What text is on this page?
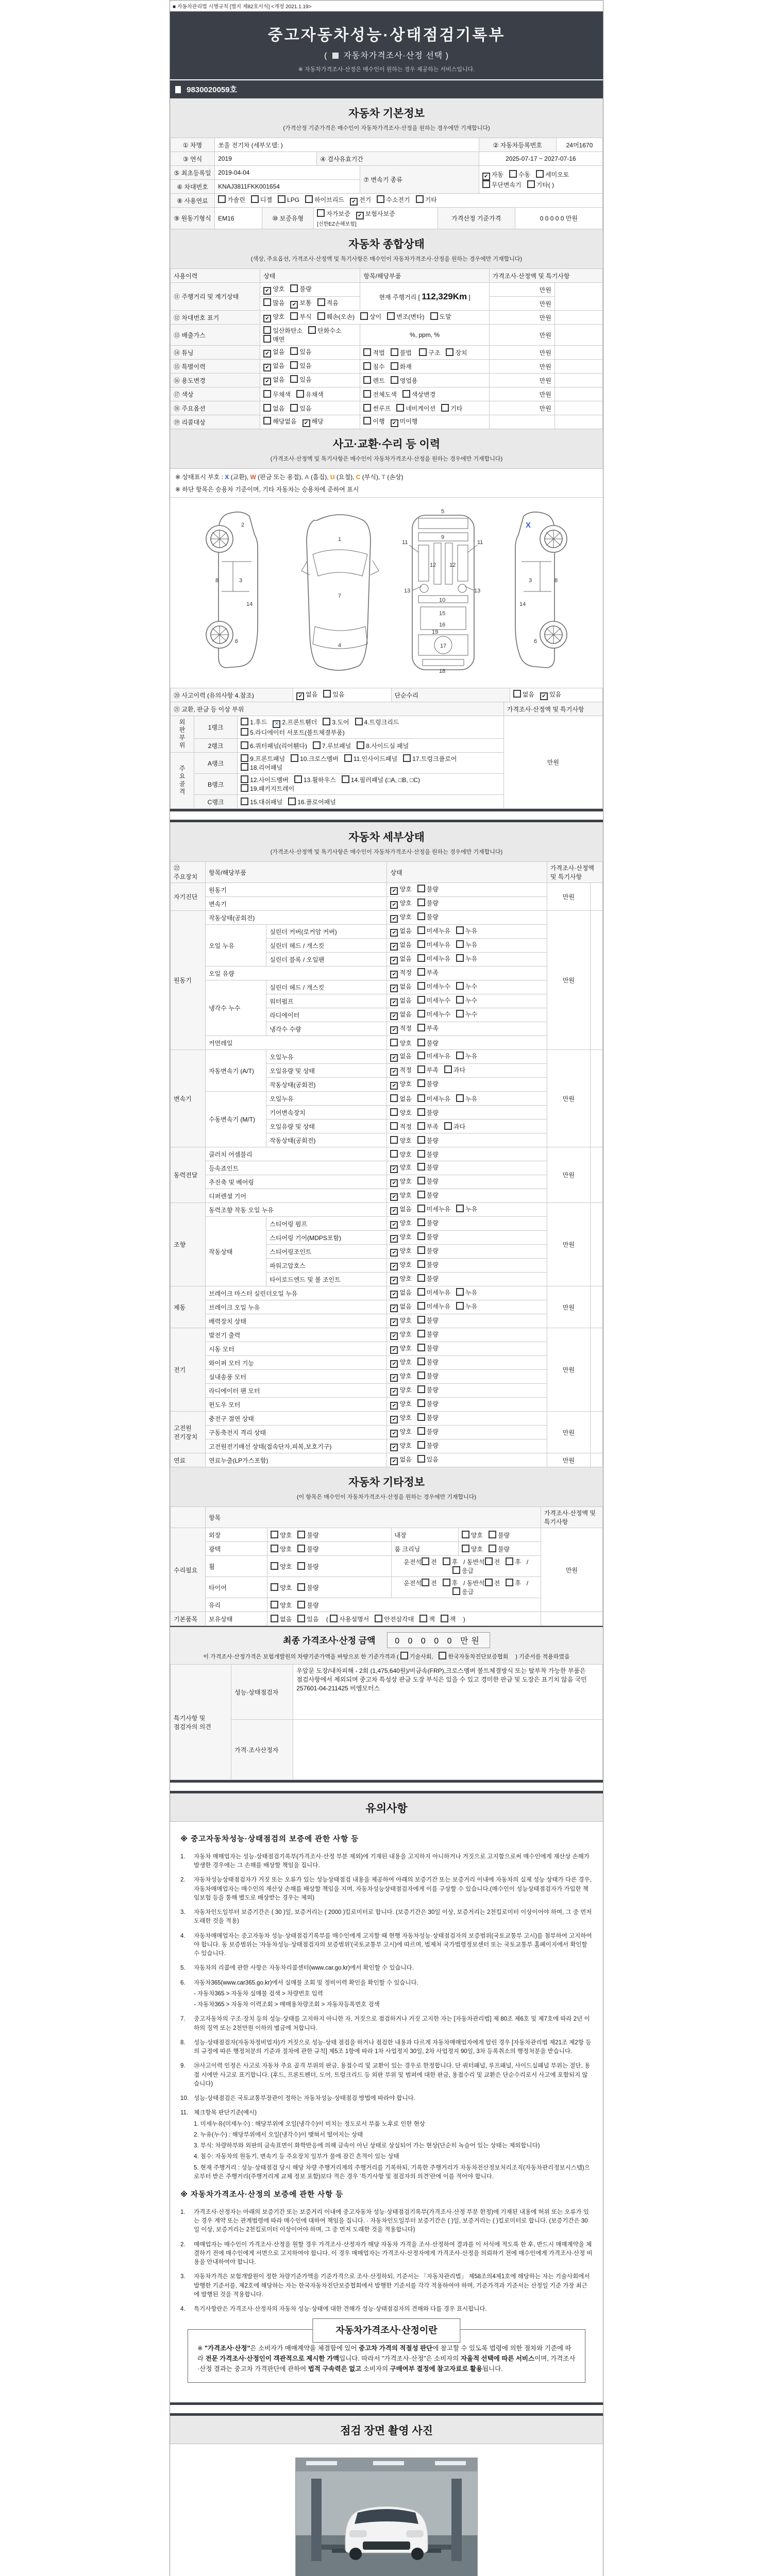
■ 자동차관리법 시행규칙 [별지 제82호서식] <개정 2021.1.19>
중고자동차성능·상태점검기록부
( 자동차가격조사·산정 선택 )
※ 자동차가격조사·산정은 매수인이 원하는 경우 제공하는 서비스입니다.
9830020059호
자동차 기본정보
(가격산정 기준가격은 매수인이 자동차가격조사·산정을 원하는 경우에만 기재합니다)
① 차명	쏘울 전기차 (세부모델: )	② 자동차등록번호	24머1670
③ 연식	2019	④ 검사유효기간	2025-07-17 ~ 2027-07-16
⑤ 최초등록일	2019-04-04	⑦ 변속기 종류	✔ 자동 수동 세미오토
무단변속기 기타( )

⑥ 차대번호	KNAJ3811FKK001654		
⑧ 사용연료	가솔린 디젤 LPG 하이브리드 ✔ 전기 수소전기 기타
⑨ 원동기형식	EM16	⑩ 보증유형	자가보증 ✔ 보험사보증[신한EZ손해보험]	가격산정 기준가격	0 0 0 0 0 만원
자동차 종합상태
(색상, 주요옵션, 가격조사·산정액 및 특기사항은 매수인이 자동차가격조사·산정을 원하는 경우에만 기재합니다)
사용이력	상태	항목/해당부품	가격조사·산정액 및 특기사항	
⑪ 주행거리 및 계기상태	✔ 양호 불량	현재 주행거리 [ 112,329Km ]	만원	
	많음 ✔ 보통 적음		만원	
⑫ 차대번호 표기	✔ 양호 부식 훼손(오손) 상이 변조(변타) 도말		만원	
⑬ 배출가스	일산화탄소 탄화수소매연	%, ppm, %	만원	
⑭ 튜닝	✔ 없음 있음	적법 불법 구조 장치	만원	
⑮ 특별이력	✔ 없음 있음	침수 화재	만원	
⑯ 용도변경	✔ 없음 있음	렌트 영업용	만원	
⑰ 색상	무채색 유채색	전체도색 색상변경	만원	
⑱ 주요옵션	없음 있음	썬루프 네비게이션 기타	만원	
⑲ 리콜대상	해당없음 ✔ 해당	이행 ✔ 미이행		
사고·교환·수리 등 이력
(가격조사·산정액 및 특기사항은 매수인이 자동차가격조사·산정을 원하는 경우에만 기재합니다)
※ 상태표시 부호 : X (교환), W (판금 또는 용접), A (흠집), U (요철), C (부식), T (손상)
※ 하단 항목은 승용차 기준이며, 기타 자동차는 승용차에 준하여 표시
2
8	3
14
6
1
7
4
5
9
11	11
13	13
12 12
10
15
16
19
17
18
3	8
14
6
X
⑳ 사고이력 (유의사항 4.참조)	✔ 없음 있음	단순수리	없음 ✔ 있음
㉑ 교환, 판금 등 이상 부위			가격조사·산정액 및 특기사항
외판부위	1랭크	1.후드 ✕ 2.프론트휀더 3.도어 4.트렁크리드
5.라디에이터 서포트(볼트체결부품)	만원
	2랭크	6.쿼터패널(리어휀다) 7.루브패널 8.사이드실 패널	
주요골격	A랭크	9.프론트패널 10.크로스멤버 11.인사이드패널 17.트렁크플로어
18.리어패널	

	B랭크	12.사이드멤버 13.휠하우스 14.필러패널 (□A, □B, □C)
19.패키지트레이	

	C랭크	15.대쉬패널 16.플로어패널	
자동차 세부상태
(가격조사·산정액 및 특기사항은 매수인이 자동차가격조사·산정을 원하는 경우에만 기재합니다)
㉒ 주요장치	항목/해당부품		상태	가격조사·산정액 및 특기사항	
자기진단	원동기		✔ 양호 불량	만원	
	변속기		✔ 양호 불량		
원동기	작동상태(공회전)		✔ 양호 불량	만원	
	오일 누유	실린더 커버(로커암 커버)	✔ 없음 미세누유 누유		
		실린더 헤드 / 개스킷	✔ 없음 미세누유 누유		
		실린더 블록 / 오일팬	✔ 없음 미세누유 누유		
	오일 유량		✔ 적정 부족		
	냉각수 누수	실린더 헤드 / 개스킷	✔ 없음 미세누수 누수		
		워터펌프	✔ 없음 미세누수 누수		
		라디에이터	✔ 없음 미세누수 누수		
		냉각수 수량	✔ 적정 부족		
	커먼레일		양호 불량		
변속기	자동변속기 (A/T)	오일누유	✔ 없음 미세누유 누유	만원	
		오일유량 및 상태	✔ 적정 부족 과다		
		작동상태(공회전)	✔ 양호 불량		
	수동변속기 (M/T)	오일누유	없음 미세누유 누유		
		기어변속장치	양호 불량		
		오일유량 및 상태	적정 부족 과다		
		작동상태(공회전)	양호 불량		
동력전달	클러치 어셈블리		양호 불량	만원	
	등속죠인트		✔ 양호 불량		
	추진축 및 베어링		✔ 양호 불량		
	디퍼렌셜 기어		✔ 양호 불량		
조향	동력조향 작동 오일 누유		✔ 없음 미세누유 누유	만원	
	작동상태	스티어링 펌프	✔ 양호 불량		
		스티어링 기어(MDPS포함)	✔ 양호 불량		
		스티어링조인트	✔ 양호 불량		
		파워고압호스	✔ 양호 불량		
		타이로드엔드 및 볼 조인트	✔ 양호 불량		
제동	브레이크 마스터 실린더오일 누유		✔ 없음 미세누유 누유	만원	
	브레이크 오일 누유		✔ 없음 미세누유 누유		
	배력장치 상태		✔ 양호 불량		
전기	발전기 출력		✔ 양호 불량	만원	
	시동 모터		✔ 양호 불량		
	와이퍼 모터 기능		✔ 양호 불량		
	실내송풍 모터		✔ 양호 불량		
	라디에이터 팬 모터		✔ 양호 불량		
	윈도우 모터		✔ 양호 불량		
고전원 전기장치	충전구 절연 상태		✔ 양호 불량	만원	
	구동축전지 격리 상태		✔ 양호 불량		
	고전원전기배선 상태(접속단자,피복,보호기구)		✔ 양호 불량		
연료	연료누출(LP가스포함)		✔ 없음 있음	만원	
자동차 기타정보
(이 항목은 매수인이 자동차가격조사·산정을 원하는 경우에만 기재합니다)
	항목				가격조사·산정액 및 특기사항
수리필요	외장	양호 불량	내장	양호 불량	만원
	광택	양호 불량	룸 크리닝	양호 불량	
	휠	양호 불량	운전석 전 후 / 동반석 전 후 /응급		
	타이어	양호 불량	운전석 전 후 / 동반석 전 후 /응급		
	유리	양호 불량			
기본품목	보유상태	없음 있음 ( 사용설명서 안전삼각대 잭 잭 )			
최종 가격조사·산정 금액 0 0 0 0 0 만원
이 가격조사·산정가격은 보험개발원의 차량기준가액을 바탕으로 한 기준가격과 ( 기술사회,	한국자동차진단보증협회 ) 기준서를 적용하였음
특기사항 및 점검자의 의견	성능·상태점검자	우앞문 도장/내차피해 - 2회 (1,475,640원)/비금속(FRP),크로스멤버 볼트체결방식 또는 탈부착 가능한 부품은 점검사항에서 제외되며 중고차 특성상 판금 도장 부식은 있을 수 있고 경미한 판금 및 도장은 표기치 않음 국민 257601-04-211425 비엠모터스
	가격·조사산정자	
유의사항
※ 중고자동차성능·상태점검의 보증에 관한 사항 등
1.	자동차 매매업자는 성능·상태점검기록부(가격조사·산정 부분 제외)에 기재된 내용을 고지하지 아니하거나 거짓으로 고지함으로써 매수인에게 재산상 손해가 발생한 경우에는 그 손해를 배상할 책임을 집니다.
2.	자동차성능상태점검자가 거짓 또는 오류가 있는 성능상태점검 내용을 제공하여 아래의 보증기간 또는 보증거리 이내에 자동차의 실제 성능 상태가 다른 경우, 자동차매매업자는 매수인의 재산상 손해를 배상할 책임을 지며, 자동차성능상태점검자에게 이를 구상할 수 있습니다.(매수인이 성능상태점검자가 가입한 책임보험 등을 통해 별도로 배상받는 경우는 제외)
3.	자동차인도일부터 보증기간은 ( 30 )일, 보증거리는 ( 2000 )킬로미터로 합니다. (보증기간은 30일 이상, 보증거리는 2천킬로미터 이상이어야 하며, 그 중 먼저 도래한 것을 적용)
4.	자동차매매업자는 중고자동차 성능·상태점검기록부를 매수인에게 고지할 때 현행 자동차성능·상태점검자의 보증범위(국토교통부 고시)를 첨부하여 고지하여야 합니다. 동 보증범위는 '자동차성능·상태점검자의 보증범위'(국토교통부 고시)에 따르며, 법제처 국가법령정보센터 또는 국토교통부 홈페이지에서 확인할 수 있습니다.
5.	자동차의 리콜에 관한 사항은 자동차리콜센터(www.car.go.kr)에서 확인할 수 있습니다.
6.	자동차365(www.car365.go.kr)에서 실매물 조회 및 정비이력 확인을 확인할 수 있습니다.
- 자동차365 > 자동차 실매물 검색 > 차량번호 입력
- 자동차365 > 자동차 이력조회 > 매매용차량조회 > 자동차등록번호 검색
7.	중고자동차의 구조·장치 등의 성능·상태를 고지하지 아니한 자, 거짓으로 점검하거나 거짓 고지한 자는 [자동차관리법] 제 80조 제6호 및 제7호에 따라 2년 이하의 징역 또는 2천만원 이하의 벌금에 처합니다.
8.	성능·상태점검자(자동차정비업자)가 거짓으로 성능·상태 점검을 하거나 점검한 내용과 다르게 자동차매매업자에게 알린 경우 [자동차관리법 제21조 제2항 등의 규정에 따른 행정처분의 기준과 절차에 관한 규칙] 제5조 1항에 따라 1차 사업정지 30일, 2차 사업정지 90일, 3차 등록취소의 행정처분을 받습니다.
9.	⑳사고이력 인정은 사고로 자동차 주요 골격 부위의 판금, 용접수리 및 교환이 있는 경우로 한정합니다. 단 쿼터패널, 루프패널, 사이드실패널 부위는 절단, 용접 시에만 사고로 표기합니다. (후드, 프론트펜더, 도어, 트렁크리드 등 외판 부위 및 범퍼에 대한 판금, 용접수리 및 교환은 단순수리로서 사고에 포함되지 않습니다)
10. 성능·상태점검은 국토교통부장관이 정하는 자동차성능·상태점검 방법에 따라야 합니다.
11. 체크항목 판단기준(예시)
1. 미세누유(미세누수) : 해당부위에 오일(냉각수)이 비치는 정도로서 부품 노후로 인한 현상
2. 누유(누수) : 해당부위에서 오일(냉각수)이 맺혀서 떨어지는 상태
3. 부식: 차량하부와 외판의 금속표면이 화학반응에 의해 금속이 아닌 상태로 상실되어 가는 현상(단순히 녹슬어 있는 상태는 제외합니다)
4. 침수: 자동차의 원동기, 변속기 등 주요장치 일부가 물에 잠긴 흔적이 있는 상태
5. 현재 주행거리 : 성능·상태점검 당시 해당 차량 주행거리계의 주행거리를 기록하되, 기록한 주행거리가 자동차전산정보처리조직(자동차관리정보시스템)으로부터 받은 주행거리(주행거리계 교체 정보 포함)보다 적은 경우 '특기사항 및 점검자의 의견'란에 이를 적어야 합니다.
※ 자동차가격조사·산정의 보증에 관한 사항 등
1.	가격조사·산정자는 아래의 보증기간 또는 보증거리 이내에 중고자동차 성능·상태점검기록부(가격조사·산정 부분 한정)에 기재된 내용에 허위 또는 오류가 있는 경우 계약 또는 관계법령에 따라 매수인에 대하여 책임을 집니다. · 자동차인도일부터 보증기간은 ( )일, 보증거리는 ( )킬로미터로 합니다. (보증기간은 30일 이상, 보증거리는 2천킬로미터 이상이어야 하며, 그 중 먼저 도래한 것을 적용합니다)
2.	매매업자는 매수인이 가격조사·산정을 원할 경우 가격조사·산정자가 해당 자동차 가격을 조사·산정하여 결과를 이 서식에 적도록 한 후, 반드시 매매계약을 체결하기 전에 매수인에게 서면으로 고지하여야 합니다. 이 경우 매매업자는 가격조사·산정자에게 가격조사·산정을 의뢰하기 전에 매수인에게 가격조사·산정 비용을 안내하여야 합니다.
3.	자동차가격은 보험개발원이 정한 차량기준가액을 기준가격으로 조사·산정하되, 기준서는 「자동차관리법」 제58조의4제1호에 해당하는 자는 기술사회에서 발행한 기준서를, 제2호에 해당하는 자는 한국자동차진단보증협회에서 발행한 기준서를 각각 적용하여야 하며, 기준가격과 기준서는 산정일 기준 가장 최근에 발행된 것을 적용합니다.
4.	특기사항란은 가격조사·산정자의 자동차 성능·상태에 대한 견해가 성능·상태점검자의 견해와 다를 경우 표시합니다.
자동차가격조사·산정이란
※ "가격조사·산정"은 소비자가 매매계약을 체결함에 있어 중고차 가격의 적절성 판단에 참고할 수 있도록 법령에 의한 절차와 기준에 따라 전문 가격조사·산정인이 객관적으로 제시한 가액입니다. 따라서 "가격조사·산정"은 소비자의 자율적 선택에 따른 서비스이며, 가격조사·산정 결과는 중고차 가격판단에 관하여 법적 구속력은 없고 소비자의 구매여부 결정에 참고자료로 활용됩니다.
점검 장면 촬영 사진
